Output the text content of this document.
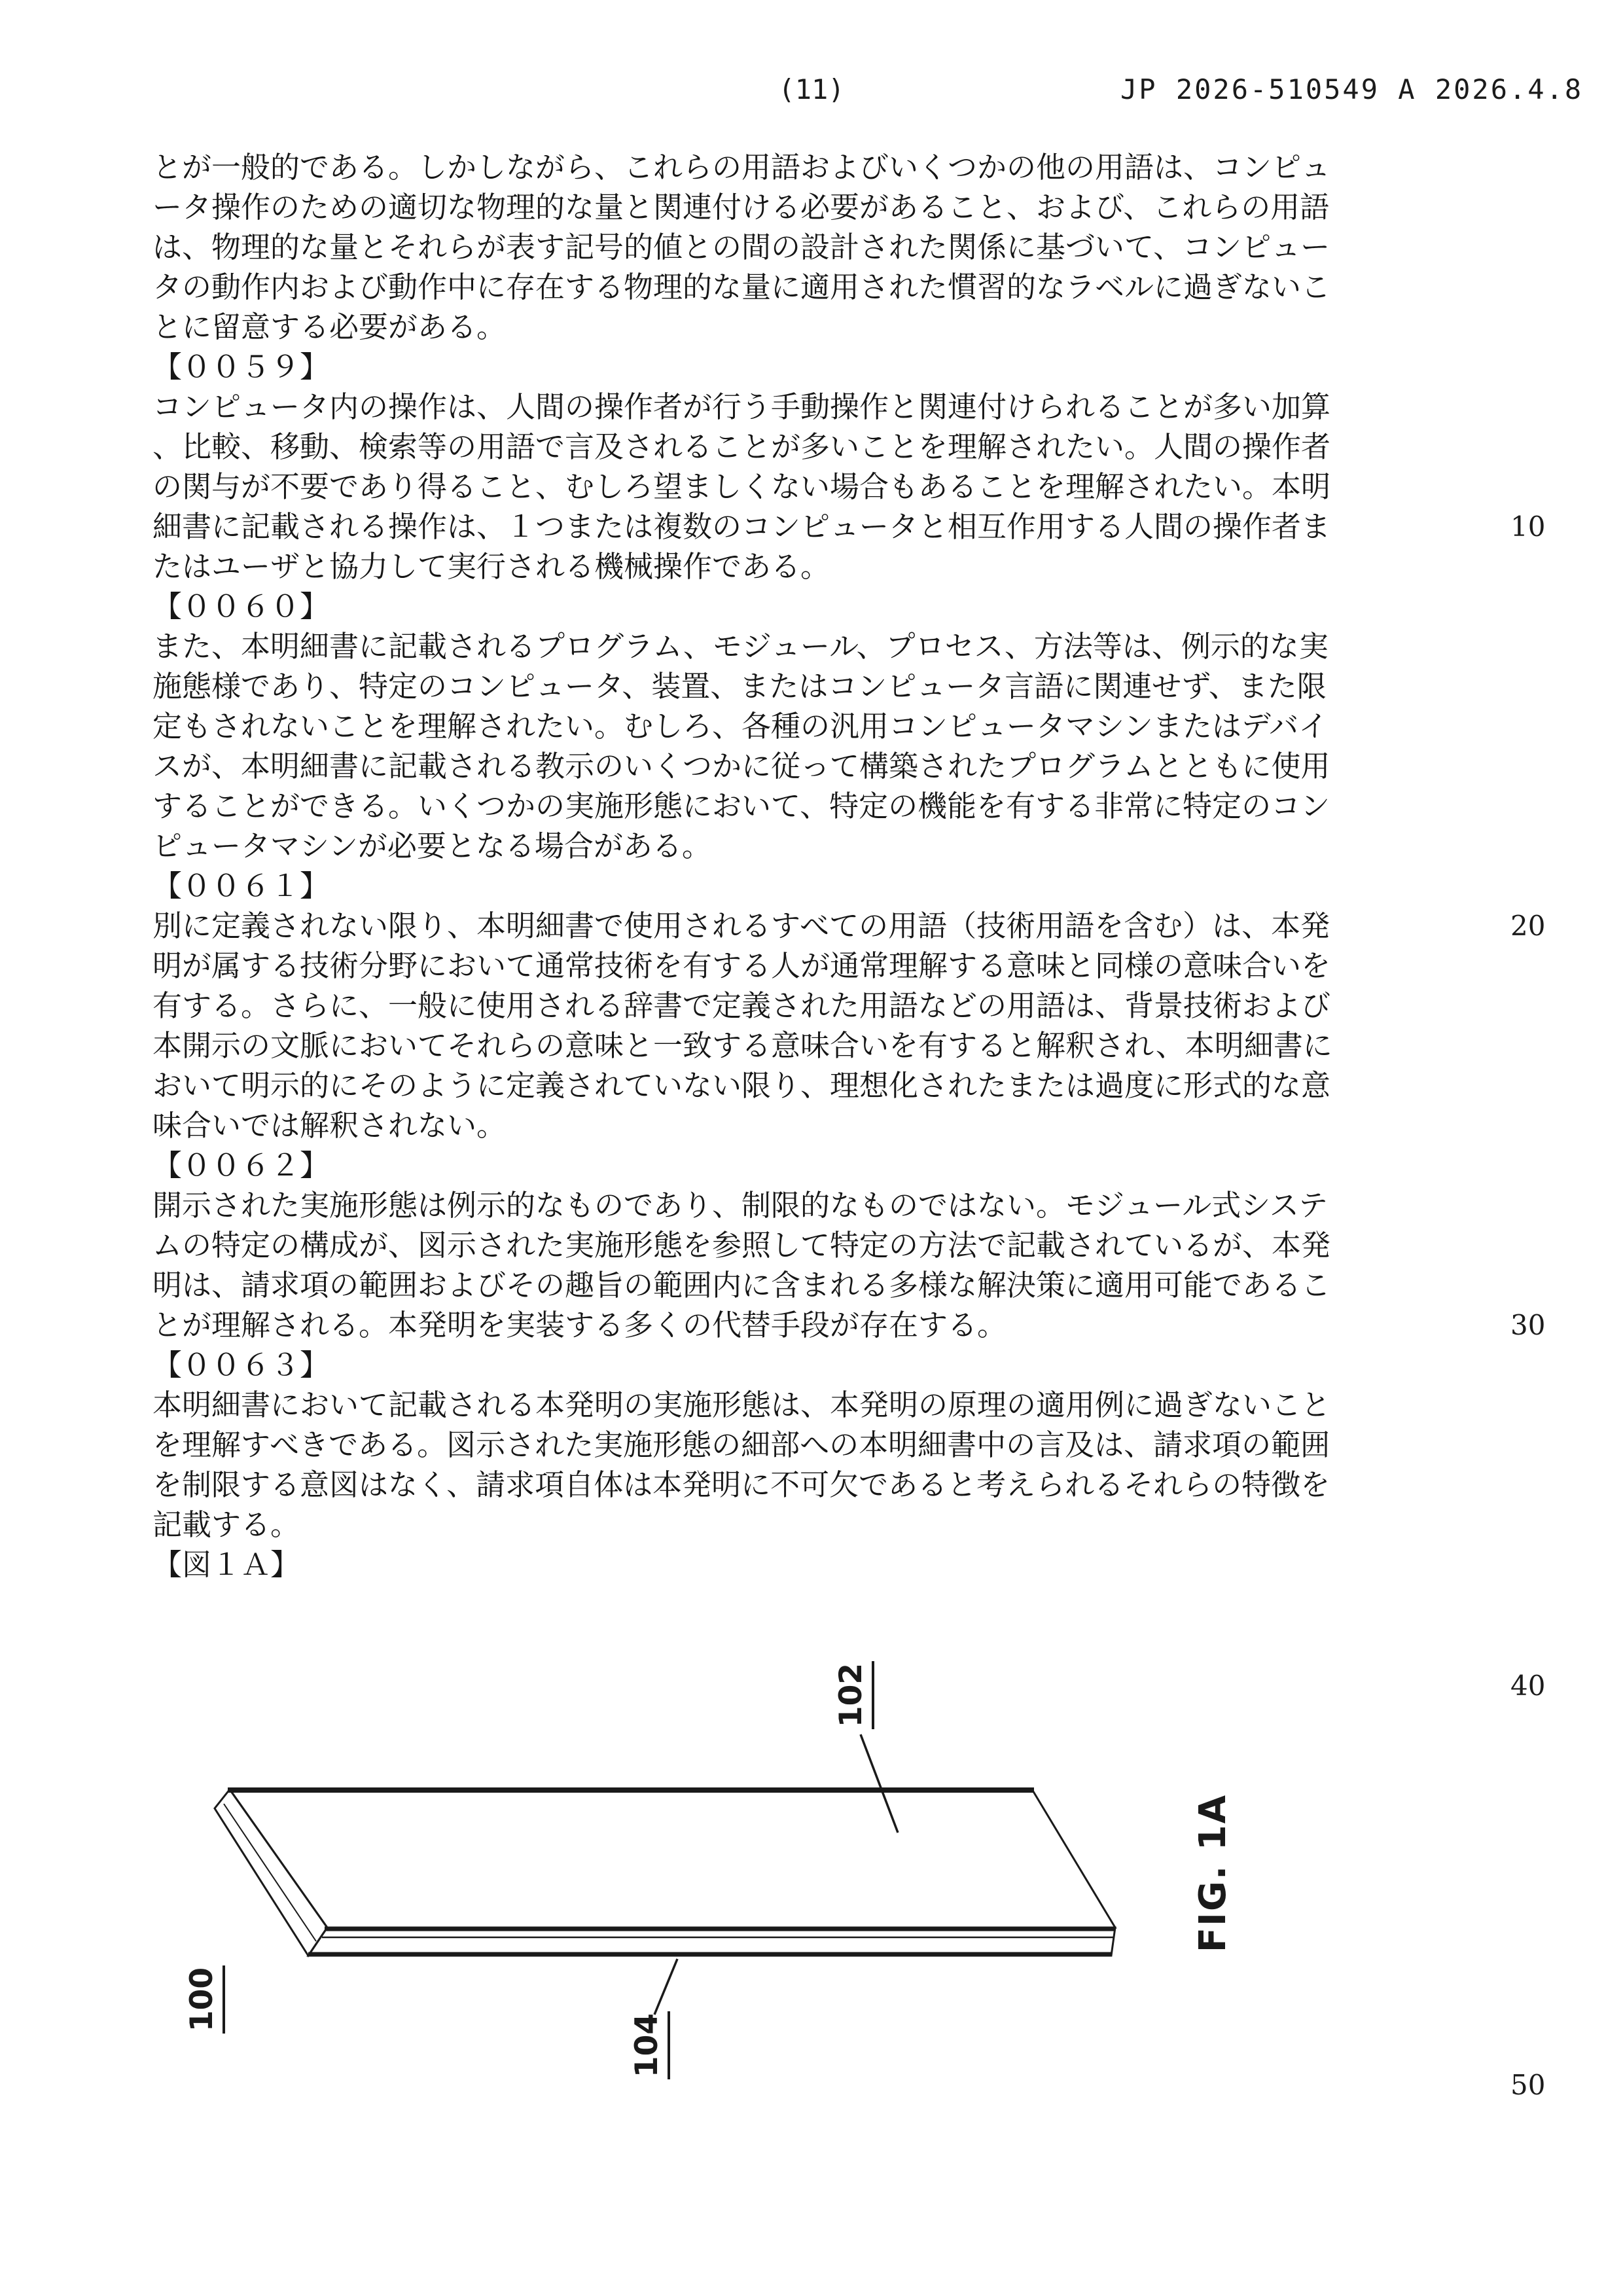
(11)	JP 2026-510549 A 2026.4.8
10
20
30
40
50
とが一般的である。しかしながら、これらの用語およびいくつかの他の用語は、コンピュ
ータ操作のための適切な物理的な量と関連付ける必要があること、および、これらの用語
は、物理的な量とそれらが表す記号的値との間の設計された関係に基づいて、コンピュー
タの動作内および動作中に存在する物理的な量に適用された慣習的なラベルに過ぎないこ
とに留意する必要がある。
【００５９】
コンピュータ内の操作は、人間の操作者が行う手動操作と関連付けられることが多い加算
、比較、移動、検索等の用語で言及されることが多いことを理解されたい。人間の操作者
の関与が不要であり得ること、むしろ望ましくない場合もあることを理解されたい。本明
細書に記載される操作は、１つまたは複数のコンピュータと相互作用する人間の操作者ま
たはユーザと協力して実行される機械操作である。
【００６０】
また、本明細書に記載されるプログラム、モジュール、プロセス、方法等は、例示的な実
施態様であり、特定のコンピュータ、装置、またはコンピュータ言語に関連せず、また限
定もされないことを理解されたい。むしろ、各種の汎用コンピュータマシンまたはデバイ
スが、本明細書に記載される教示のいくつかに従って構築されたプログラムとともに使用
することができる。いくつかの実施形態において、特定の機能を有する非常に特定のコン
ピュータマシンが必要となる場合がある。
【００６１】
別に定義されない限り、本明細書で使用されるすべての用語（技術用語を含む）は、本発
明が属する技術分野において通常技術を有する人が通常理解する意味と同様の意味合いを
有する。さらに、一般に使用される辞書で定義された用語などの用語は、背景技術および
本開示の文脈においてそれらの意味と一致する意味合いを有すると解釈され、本明細書に
おいて明示的にそのように定義されていない限り、理想化されたまたは過度に形式的な意
味合いでは解釈されない。
【００６２】
開示された実施形態は例示的なものであり、制限的なものではない。モジュール式システ
ムの特定の構成が、図示された実施形態を参照して特定の方法で記載されているが、本発
明は、請求項の範囲およびその趣旨の範囲内に含まれる多様な解決策に適用可能であるこ
とが理解される。本発明を実装する多くの代替手段が存在する。
【００６３】
本明細書において記載される本発明の実施形態は、本発明の原理の適用例に過ぎないこと
を理解すべきである。図示された実施形態の細部への本明細書中の言及は、請求項の範囲
を制限する意図はなく、請求項自体は本発明に不可欠であると考えられるそれらの特徴を
記載する。
【図１Ａ】
102
104
100
FIG. 1A
